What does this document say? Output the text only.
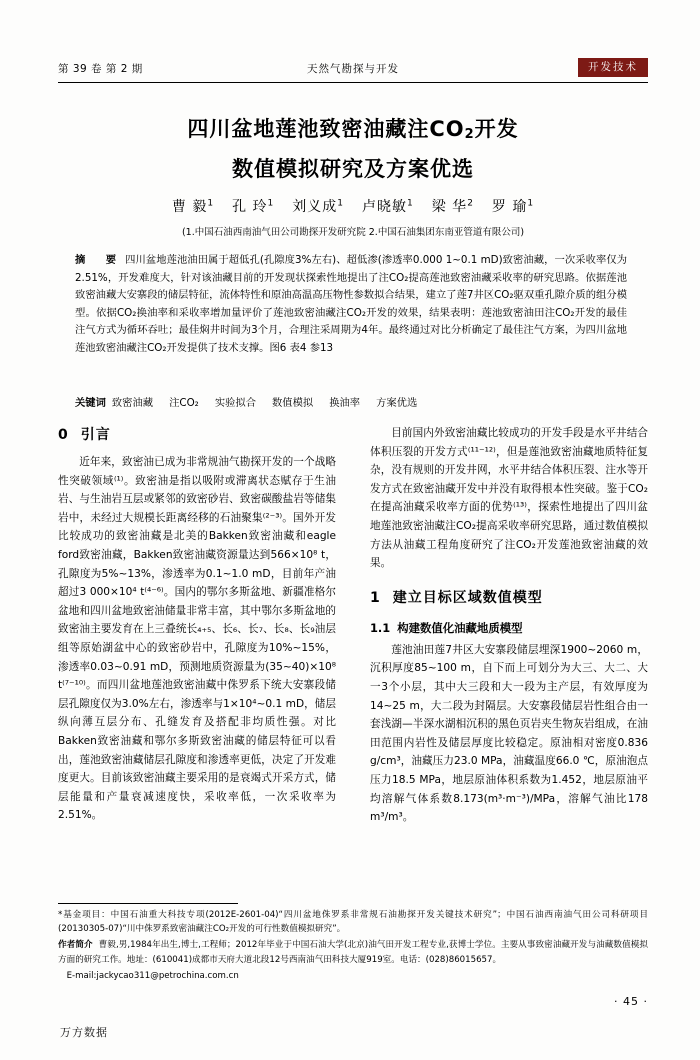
第 39 卷 第 2 期	天然气勘探与开发	开发技术
四川盆地莲池致密油藏注$CO_2$开发
数值模拟研究及方案优选
曹 毅$^1$ 孔 玲$^1$ 刘义成$^1$ 卢晓敏$^1$ 梁 华$^2$ 罗 瑜$^1$
(1.中国石油西南油气田公司勘探开发研究院 2.中国石油集团东南亚管道有限公司)
摘　要 四川盆地莲池油田属于超低孔(孔隙度3%左右)、超低渗(渗透率0.000 1~0.1 mD)致密油藏，一次采收率仅为2.51%，开发难度大，针对该油藏目前的开发现状探索性地提出了注CO₂提高莲池致密油藏采收率的研究思路。依据莲池致密油藏大安寨段的储层特征，流体特性和原油高温高压物性参数拟合结果，建立了莲7井区CO₂驱双重孔隙介质的组分模型。依据CO₂换油率和采收率增加量评价了莲池致密油藏注CO₂开发的效果，结果表明：莲池致密油田注CO₂开发的最佳注气方式为循环吞吐；最佳焖井时间为3个月，合理注采周期为4年。最终通过对比分析确定了最佳注气方案，为四川盆地莲池致密油藏注CO₂开发提供了技术支撑。图6 表4 参13
关键词 致密油藏 注CO₂ 实验拟合 数值模拟 换油率 方案优选
0 引言

近年来，致密油已成为非常规油气勘探开发的一个战略性突破领域⁽¹⁾。致密油是指以吸附或滞离状态赋存于生油岩、与生油岩互层或紧邻的致密砂岩、致密碳酸盐岩等储集岩中，未经过大规模长距离经移的石油聚集⁽²⁻³⁾。国外开发比较成功的致密油藏是北美的Bakken致密油藏和eagle ford致密油藏，Bakken致密油藏资源量达到566×10⁸ t，孔隙度为5%~13%，渗透率为0.1~1.0 mD，目前年产油超过3 000×10⁴ t⁽⁴⁻⁶⁾。国内的鄂尔多斯盆地、新疆准格尔盆地和四川盆地致密油储量非常丰富，其中鄂尔多斯盆地的致密油主要发育在上三叠统长₄₊₅、长₆、长₇、长₈、长₉油层组等原始湖盆中心的致密砂岩中，孔隙度为10%~15%，渗透率0.03~0.91 mD，预测地质资源量为(35~40)×10⁸ t⁽⁷⁻¹⁰⁾。而四川盆地莲池致密油藏中侏罗系下统大安寨段储层孔隙度仅为3.0%左右，渗透率与1×10⁴~0.1 mD，储层纵向薄互层分布、孔缝发育及搭配非均质性强。对比Bakken致密油藏和鄂尔多斯致密油藏的储层特征可以看出，莲池致密油藏储层孔隙度和渗透率更低，决定了开发难度更大。目前该致密油藏主要采用的是衰竭式开采方式，储层能量和产量衰减速度快，采收率低，一次采收率为2.51%。

目前国内外致密油藏比较成功的开发手段是水平井结合体积压裂的开发方式⁽¹¹⁻¹²⁾，但是莲池致密油藏地质特征复杂，没有规则的开发井网，水平井结合体积压裂、注水等开发方式在致密油藏开发中并没有取得根本性突破。鉴于CO₂在提高油藏采收率方面的优势⁽¹³⁾，探索性地提出了四川盆地莲池致密油藏注CO₂提高采收率研究思路，通过数值模拟方法从油藏工程角度研究了注CO₂开发莲池致密油藏的效果。

1 建立目标区域数值模型
1.1 构建数值化油藏地质模型

莲池油田莲7井区大安寨段储层埋深1900~2060 m，沉积厚度85~100 m，自下而上可划分为大三、大二、大一3个小层，其中大三段和大一段为主产层，有效厚度为14~25 m，大二段为封隔层。大安寨段储层岩性组合由一套浅湖—半深水湖相沉积的黑色页岩夹生物灰岩组成，在油田范围内岩性及储层厚度比较稳定。原油相对密度0.836 g/cm³，油藏压力23.0 MPa，油藏温度66.0 ℃，原油泡点压力18.5 MPa，地层原油体积系数为1.452，地层原油平均溶解气体系数8.173(m³·m⁻³)/MPa，溶解气油比178 m³/m³。

*基金项目：中国石油重大科技专项(2012E-2601-04)“四川盆地侏罗系非常规石油勘探开发关键技术研究”；中国石油西南油气田公司科研项目(20130305-07)“川中侏罗系致密油藏注CO₂开发的可行性数值模拟研究”。

作者简介 曹毅,男,1984年出生,博士,工程师；2012年毕业于中国石油大学(北京)油气田开发工程专业,获博士学位。主要从事致密油藏开发与油藏数值模拟方面的研究工作。地址：(610041)成都市天府大道北段12号西南油气田科技大厦919室。电话：(028)86015657。

E-mail:jackycao311@petrochina.com.cn

· 45 ·
万方数据
